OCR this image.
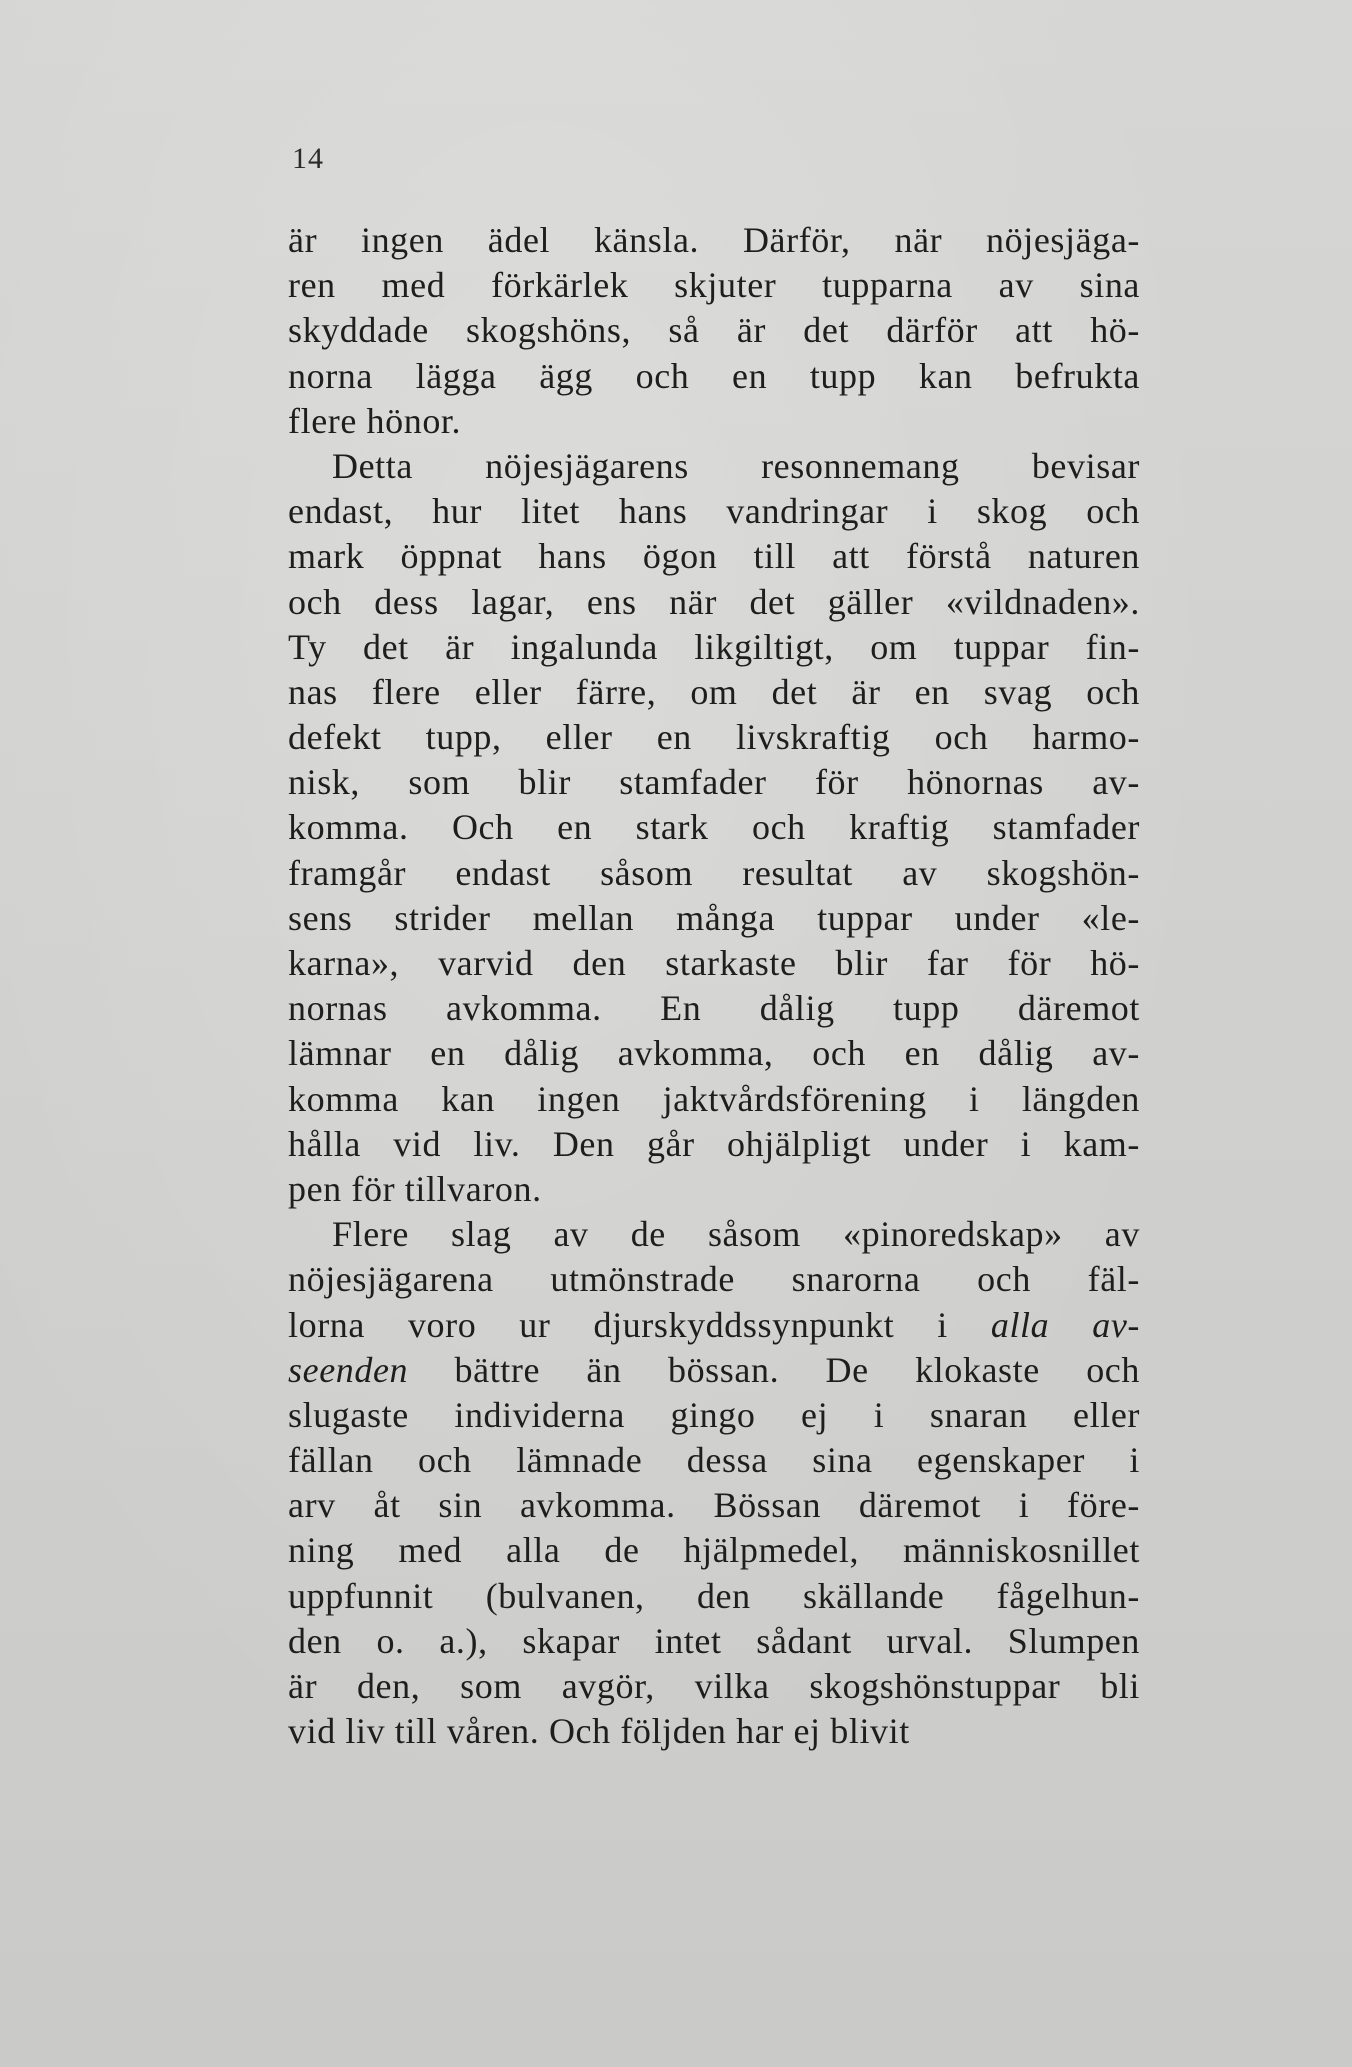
14
är ingen ädel känsla. Därför, när nöjesjäga-
ren med förkärlek skjuter tupparna av sina
skyddade skogshöns, så är det därför att hö-
norna lägga ägg och en tupp kan befrukta
flere hönor.
Detta nöjesjägarens resonnemang bevisar
endast, hur litet hans vandringar i skog och
mark öppnat hans ögon till att förstå naturen
och dess lagar, ens när det gäller «vildnaden».
Ty det är ingalunda likgiltigt, om tuppar fin-
nas flere eller färre, om det är en svag och
defekt tupp, eller en livskraftig och harmo-
nisk, som blir stamfader för hönornas av-
komma. Och en stark och kraftig stamfader
framgår endast såsom resultat av skogshön-
sens strider mellan många tuppar under «le-
karna», varvid den starkaste blir far för hö-
nornas avkomma. En dålig tupp däremot
lämnar en dålig avkomma, och en dålig av-
komma kan ingen jaktvårdsförening i längden
hålla vid liv. Den går ohjälpligt under i kam-
pen för tillvaron.
Flere slag av de såsom «pinoredskap» av
nöjesjägarena utmönstrade snarorna och fäl-
lorna voro ur djurskyddssynpunkt i alla av-
seenden bättre än bössan. De klokaste och
slugaste individerna gingo ej i snaran eller
fällan och lämnade dessa sina egenskaper i
arv åt sin avkomma. Bössan däremot i före-
ning med alla de hjälpmedel, människosnillet
uppfunnit (bulvanen, den skällande fågelhun-
den o. a.), skapar intet sådant urval. Slumpen
är den, som avgör, vilka skogshönstuppar bli
vid liv till våren. Och följden har ej blivit
